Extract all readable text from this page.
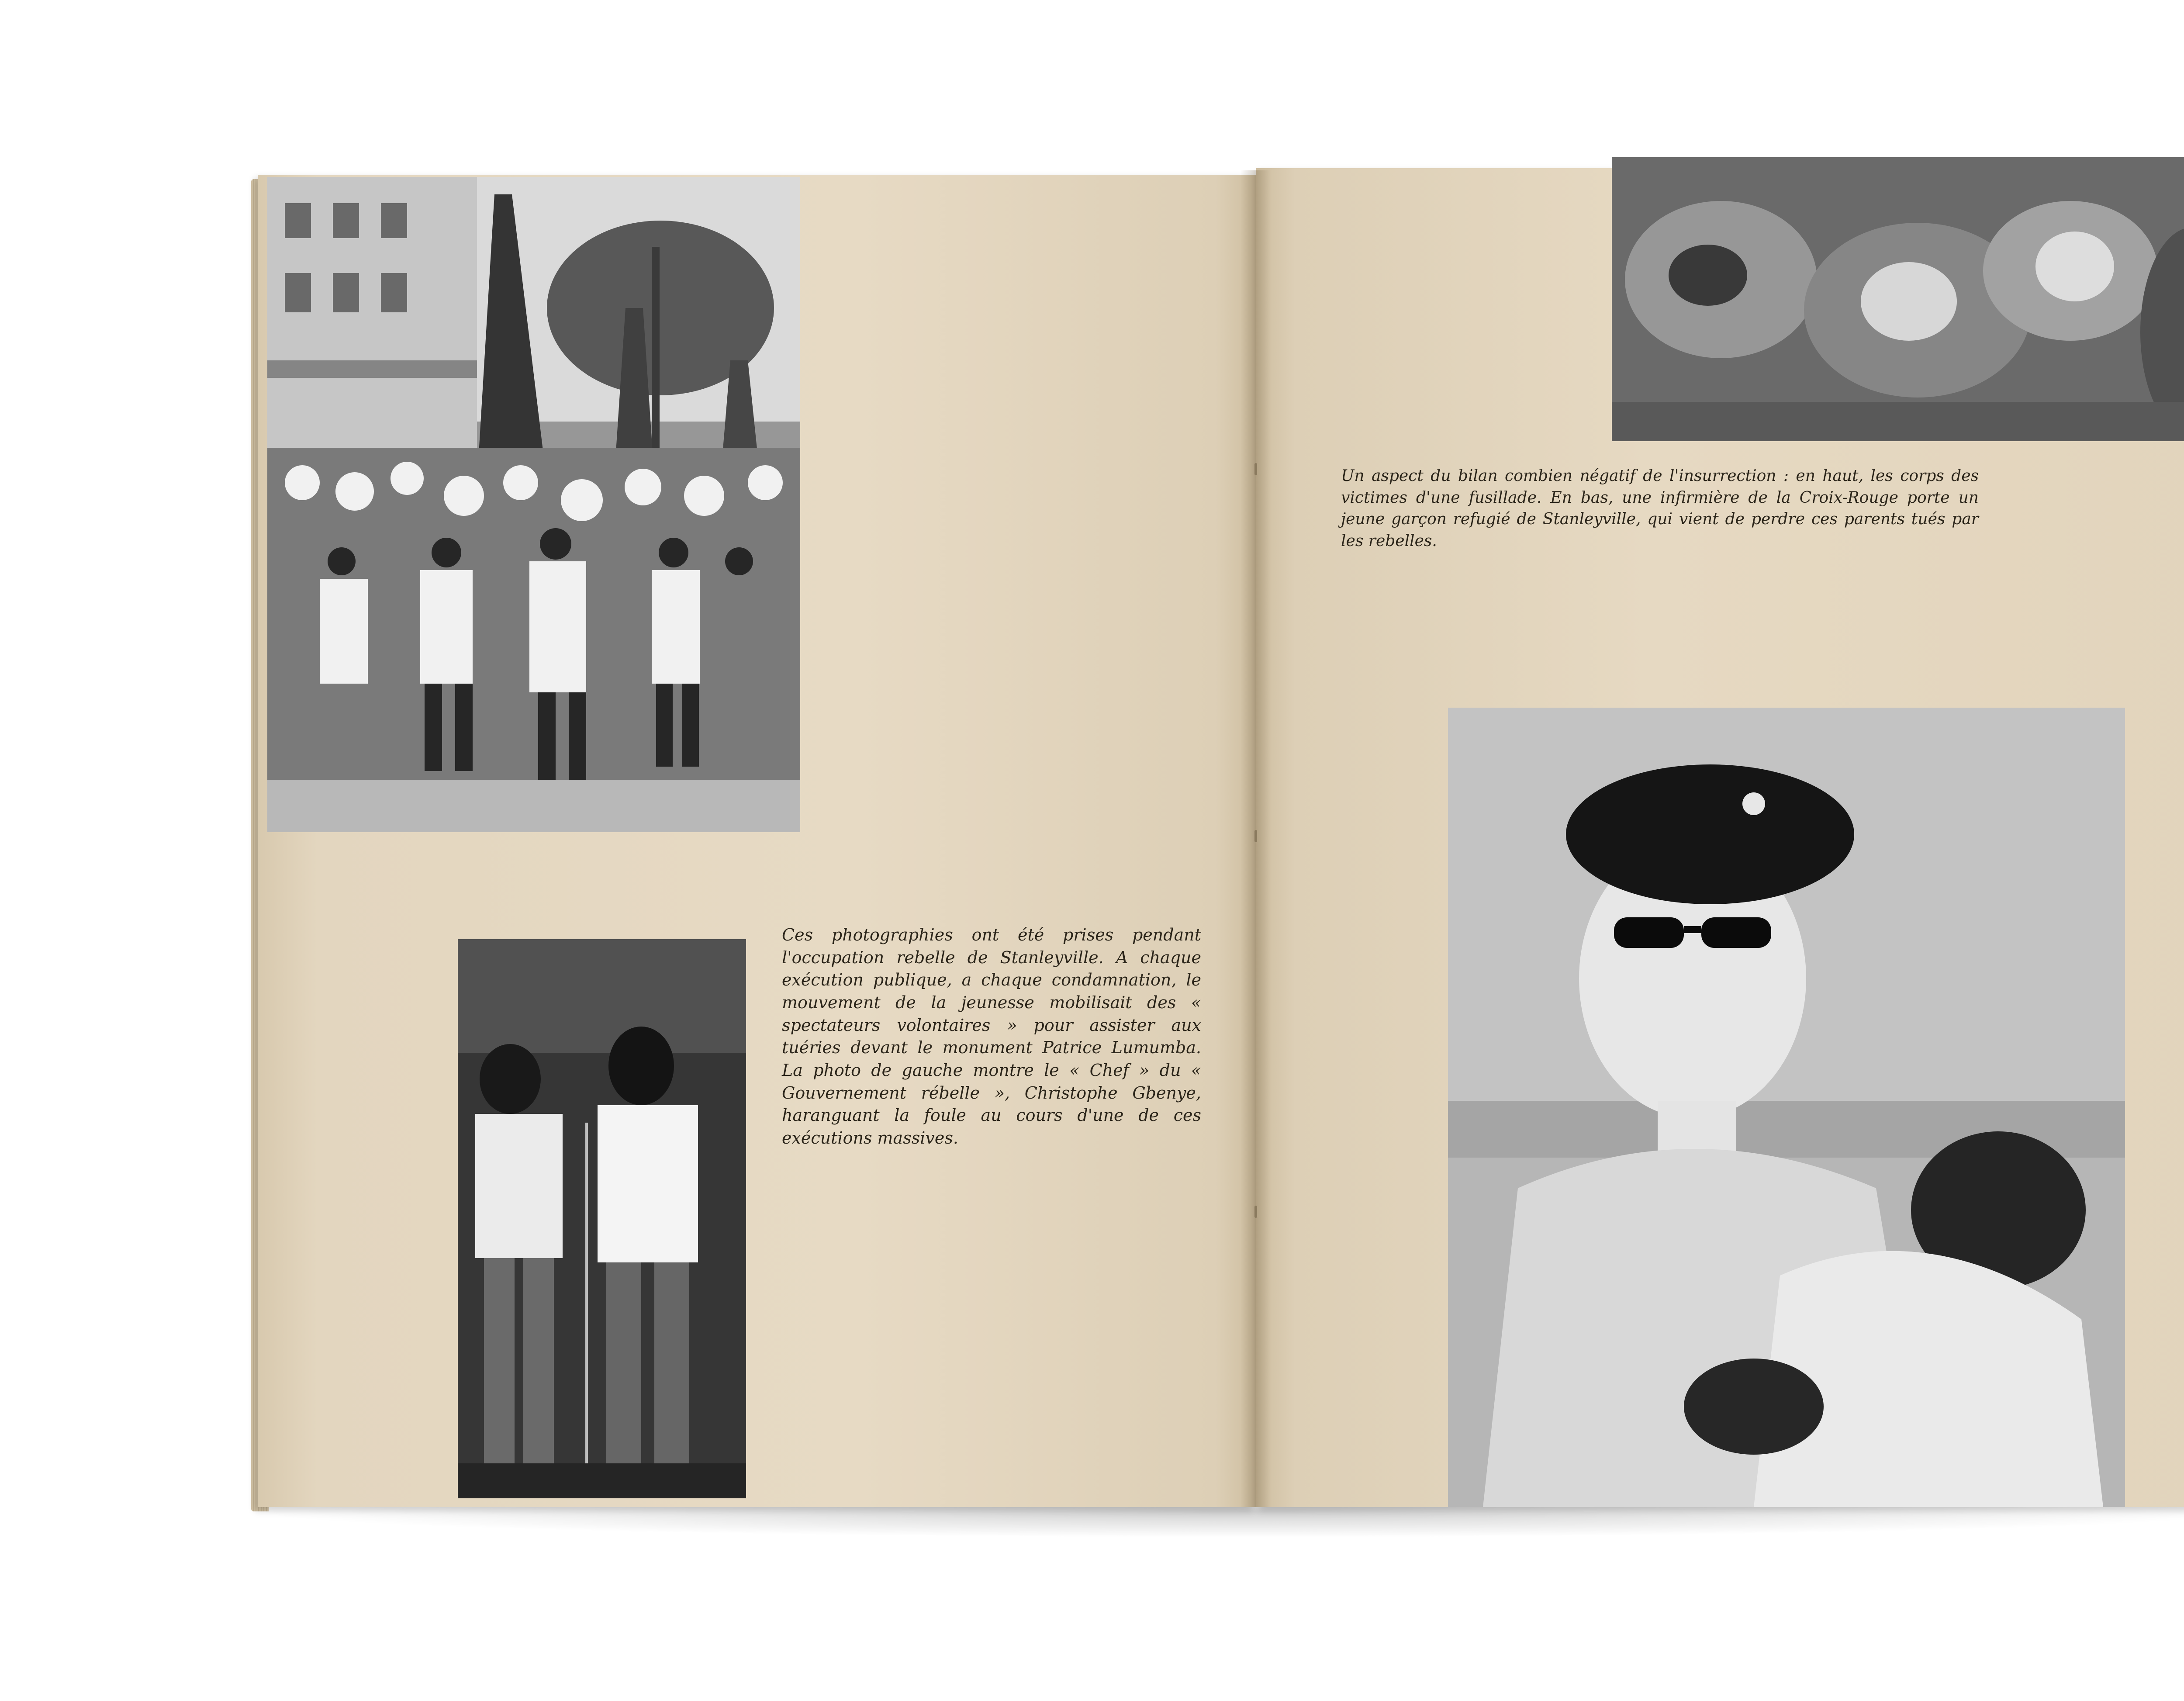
Ces photographies ont été prises pendant l'occupation rebelle de Stanleyville. A chaque exécution publique, a chaque condamnation, le mouvement de la jeunesse mobilisait des « spectateurs volontaires » pour assister aux tuéries devant le monument Patrice Lumumba. La photo de gauche montre le « Chef » du « Gouvernement rébelle », Christophe Gbenye, haranguant la foule au cours d'une de ces exécutions massives.

Un aspect du bilan combien négatif de l'insurrection : en haut, les corps des victimes d'une fusillade. En bas, une infirmière de la Croix-Rouge porte un jeune garçon refugié de Stanleyville, qui vient de perdre ces parents tués par les rebelles.
